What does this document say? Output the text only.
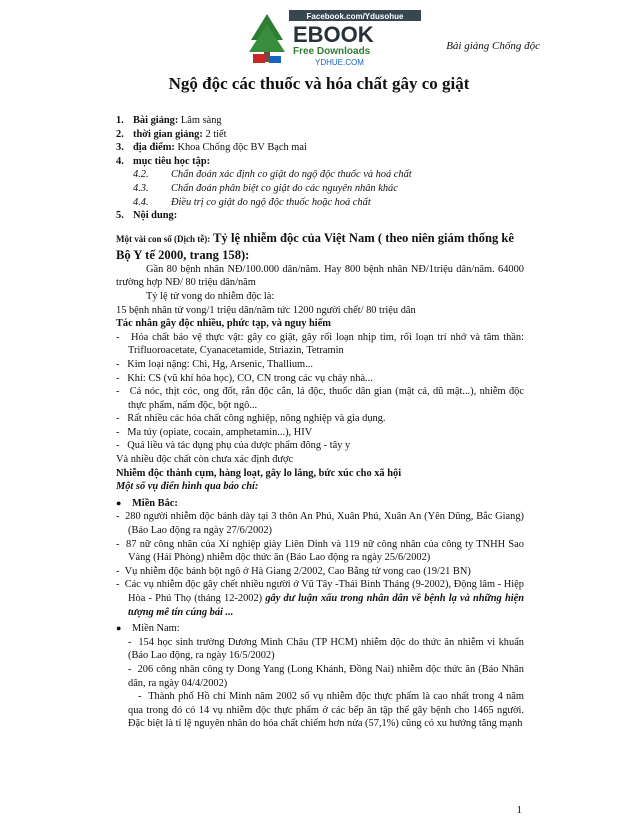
Facebook.com/Ydusohue
EBOOK
Free Downloads
YDHUE.COM
Bài giảng Chống độc
Ngộ độc các thuốc và hóa chất gây co giật
1. Bài giảng: Lâm sàng
2. thời gian giảng: 2 tiết
3. địa điểm: Khoa Chống độc BV Bạch mai
4. mục tiêu học tập:
4.2.	Chẩn đoán xác định co giật do ngộ độc thuốc và hoá chất
4.3.	Chẩn đoán phân biệt co giật do các nguyên nhân khác
4.4.	Điều trị co giật do ngộ độc thuốc hoặc hoá chất
5. Nội dung:
Một vài con số (Dịch tễ): Tỷ lệ nhiễm độc của Việt Nam ( theo niên giám thống kê Bộ Y tế 2000, trang 158):
Gần 80 bệnh nhân NĐ/100.000 dân/năm. Hay 800 bệnh nhân NĐ/1triệu dân/năm. 64000 trường hợp NĐ/ 80 triệu dân/năm
Tỷ lệ tử vong do nhiễm độc là:
15 bệnh nhân tử vong/1 triệu dân/năm tức 1200 người chết/ 80 triệu dân
Tác nhân gây độc nhiều, phức tạp, và nguy hiểm
-   Hóa chất bảo vệ thực vật: gây co giật, gây rối loạn nhịp tim, rối loạn trí nhớ và tâm thần: Trifluoroacetate, Cyanacetamide, Striazin, Tetramin
-   Kim loại nặng: Chì, Hg, Arsenic, Thallium...
-   Khí: CS (vũ khí hóa học), CO, CN trong các vụ cháy nhà...
-   Cá nóc, thịt cóc, ong đốt, rắn độc cắn, lá độc, thuốc dân gian (mật cá, dũ mật...), nhiễm độc thực phẩm, nấm độc, bột ngô...
-   Rất nhiều các hóa chất công nghiệp, nông nghiệp và gia dụng.
-   Ma túy (opiate, cocain, amphetamin...), HIV
-   Quá liều và tác dụng phụ của dược phẩm đông - tây y
Và nhiều độc chất còn chưa xác định được
Nhiễm độc thành cụm, hàng loạt, gây lo lắng, bức xúc cho xã hội
Một số vụ điển hình qua báo chí:
●	Miền Bắc:
-  280 người nhiễm độc bánh dày tại 3 thôn An Phú, Xuân Phú, Xuân An (Yên Dũng, Bắc Giang) (Báo Lao động ra ngày 27/6/2002)
-  87 nữ công nhân của Xí nghiệp giày Liên Dinh và 119 nữ công nhân của công ty TNHH Sao Vàng (Hải Phòng) nhiễm độc thức ăn (Báo Lao động ra ngày 25/6/2002)
-  Vụ nhiễm độc bánh bột ngô ở Hà Giang 2/2002, Cao Bằng tử vong cao (19/21 BN)
-  Các vụ nhiễm độc gây chết nhiều người ở Vũ Tây -Thái Bình Tháng (9-2002), Động lâm - Hiệp Hòa - Phú Thọ (tháng 12-2002) gây dư luận xấu trong nhân dân về bệnh lạ và những hiện tượng mê tín cúng bái ...
●	Miền Nam:
-  154 học sinh trường Dương Minh Châu (TP HCM) nhiễm độc do thức ăn nhiễm vi khuẩn (Báo Lao động, ra ngày 16/5/2002)
-  206 công nhân công ty Dong Yang (Long Khánh, Đồng Nai) nhiễm độc thức ăn (Báo Nhân dân, ra ngày 04/4/2002)
-  Thành phố Hồ chí Minh năm 2002 số vụ nhiễm độc thực phẩm là cao nhất trong 4 năm qua trong đó có 14 vụ nhiễm độc thực phẩm ở các bếp ăn tập thể gây bệnh cho 1465 người. Đặc biệt là tỉ lệ nguyên nhân do hóa chất chiếm hơn nửa (57,1%) cũng có xu hướng tăng mạnh
1
